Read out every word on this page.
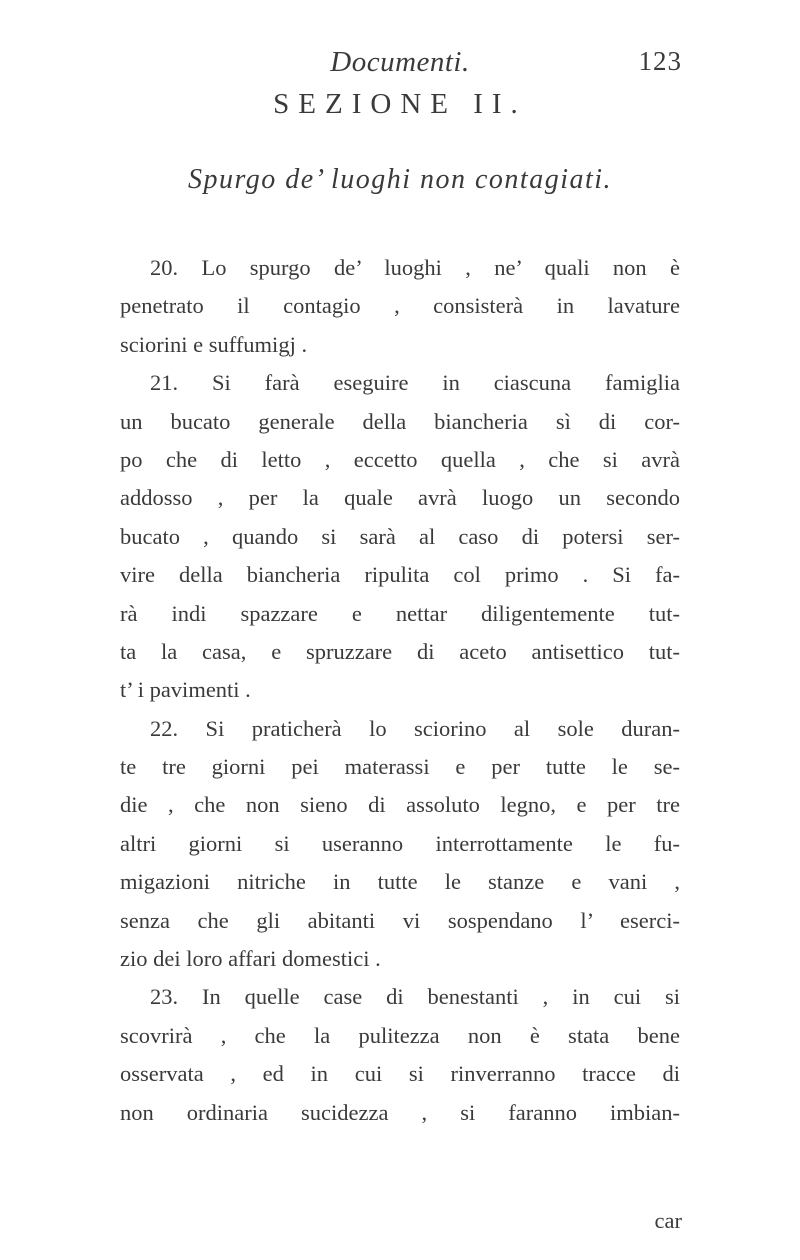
Documenti.	123
SEZIONE II.
Spurgo de’ luoghi non contagiati.
20. Lo spurgo de’ luoghi , ne’ quali non è
penetrato il contagio , consisterà in lavature
sciorini e suffumigj .
21. Si farà eseguire in ciascuna famiglia
un bucato generale della biancheria sì di cor-
po che di letto , eccetto quella , che si avrà
addosso , per la quale avrà luogo un secondo
bucato , quando si sarà al caso di potersi ser-
vire della biancheria ripulita col primo . Si fa-
rà indi spazzare e nettar diligentemente tut-
ta la casa, e spruzzare di aceto antisettico tut-
t’ i pavimenti .
22. Si praticherà lo sciorino al sole duran-
te tre giorni pei materassi e per tutte le se-
die , che non sieno di assoluto legno, e per tre
altri giorni si useranno interrottamente le fu-
migazioni nitriche in tutte le stanze e vani ,
senza che gli abitanti vi sospendano l’ eserci-
zio dei loro affari domestici .
23. In quelle case di benestanti , in cui si
scovrirà , che la pulitezza non è stata bene
osservata , ed in cui si rinverranno tracce di
non ordinaria sucidezza , si faranno imbian-
car
